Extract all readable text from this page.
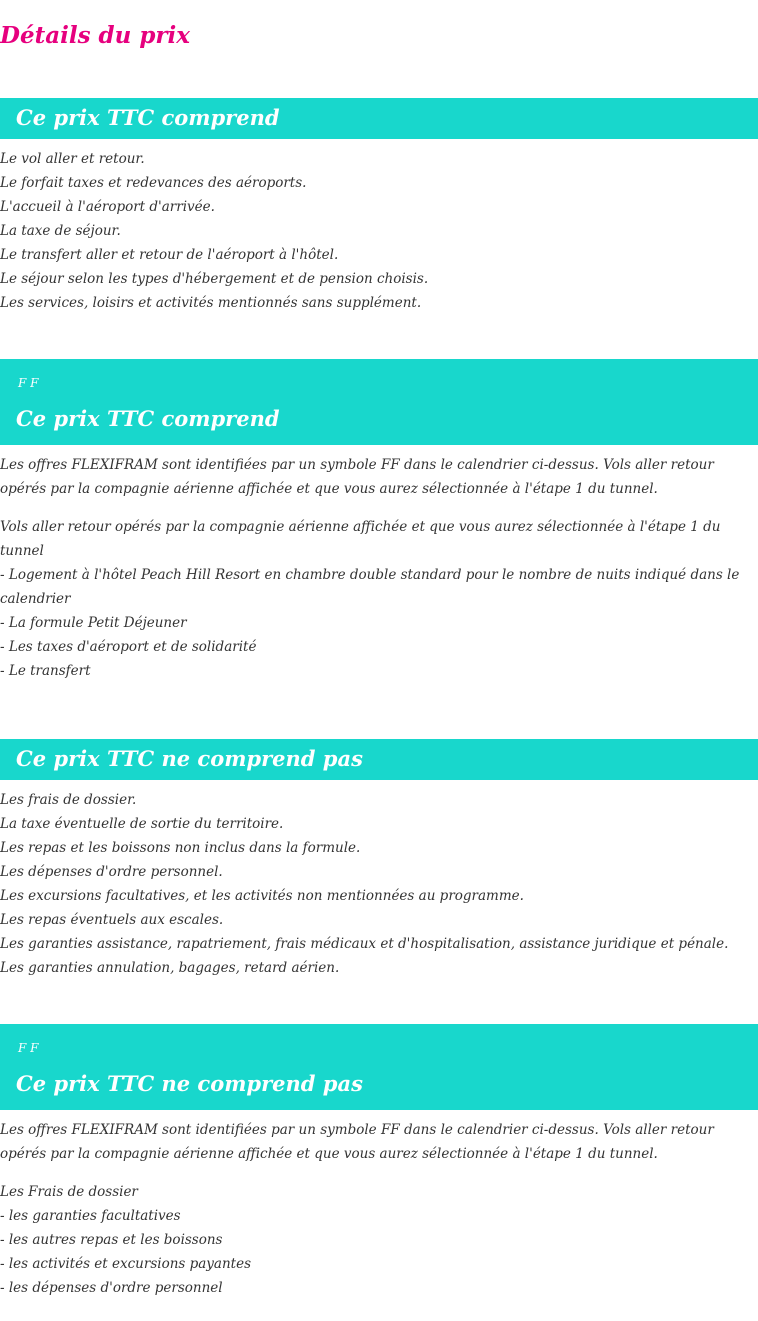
Détails du prix
Ce prix TTC comprend

Le vol aller et retour.

Le forfait taxes et redevances des aéroports.

L'accueil à l'aéroport d'arrivée.

La taxe de séjour.

Le transfert aller et retour de l'aéroport à l'hôtel.

Le séjour selon les types d'hébergement et de pension choisis.

Les services, loisirs et activités mentionnés sans supplément.

F F
Ce prix TTC comprend

Les offres FLEXIFRAM sont identifiées par un symbole FF dans le calendrier ci-dessus. Vols aller retour opérés par la compagnie aérienne affichée et que vous aurez sélectionnée à l'étape 1 du tunnel.

Vols aller retour opérés par la compagnie aérienne affichée et que vous aurez sélectionnée à l'étape 1 du tunnel

- Logement à l'hôtel Peach Hill Resort en chambre double standard pour le nombre de nuits indiqué dans le calendrier

- La formule Petit Déjeuner

- Les taxes d'aéroport et de solidarité

- Le transfert

Ce prix TTC ne comprend pas

Les frais de dossier.

La taxe éventuelle de sortie du territoire.

Les repas et les boissons non inclus dans la formule.

Les dépenses d'ordre personnel.

Les excursions facultatives, et les activités non mentionnées au programme.

Les repas éventuels aux escales.

Les garanties assistance, rapatriement, frais médicaux et d'hospitalisation, assistance juridique et pénale.

Les garanties annulation, bagages, retard aérien.

F F
Ce prix TTC ne comprend pas

Les offres FLEXIFRAM sont identifiées par un symbole FF dans le calendrier ci-dessus. Vols aller retour opérés par la compagnie aérienne affichée et que vous aurez sélectionnée à l'étape 1 du tunnel.

Les Frais de dossier

- les garanties facultatives

- les autres repas et les boissons

- les activités et excursions payantes

- les dépenses d'ordre personnel
